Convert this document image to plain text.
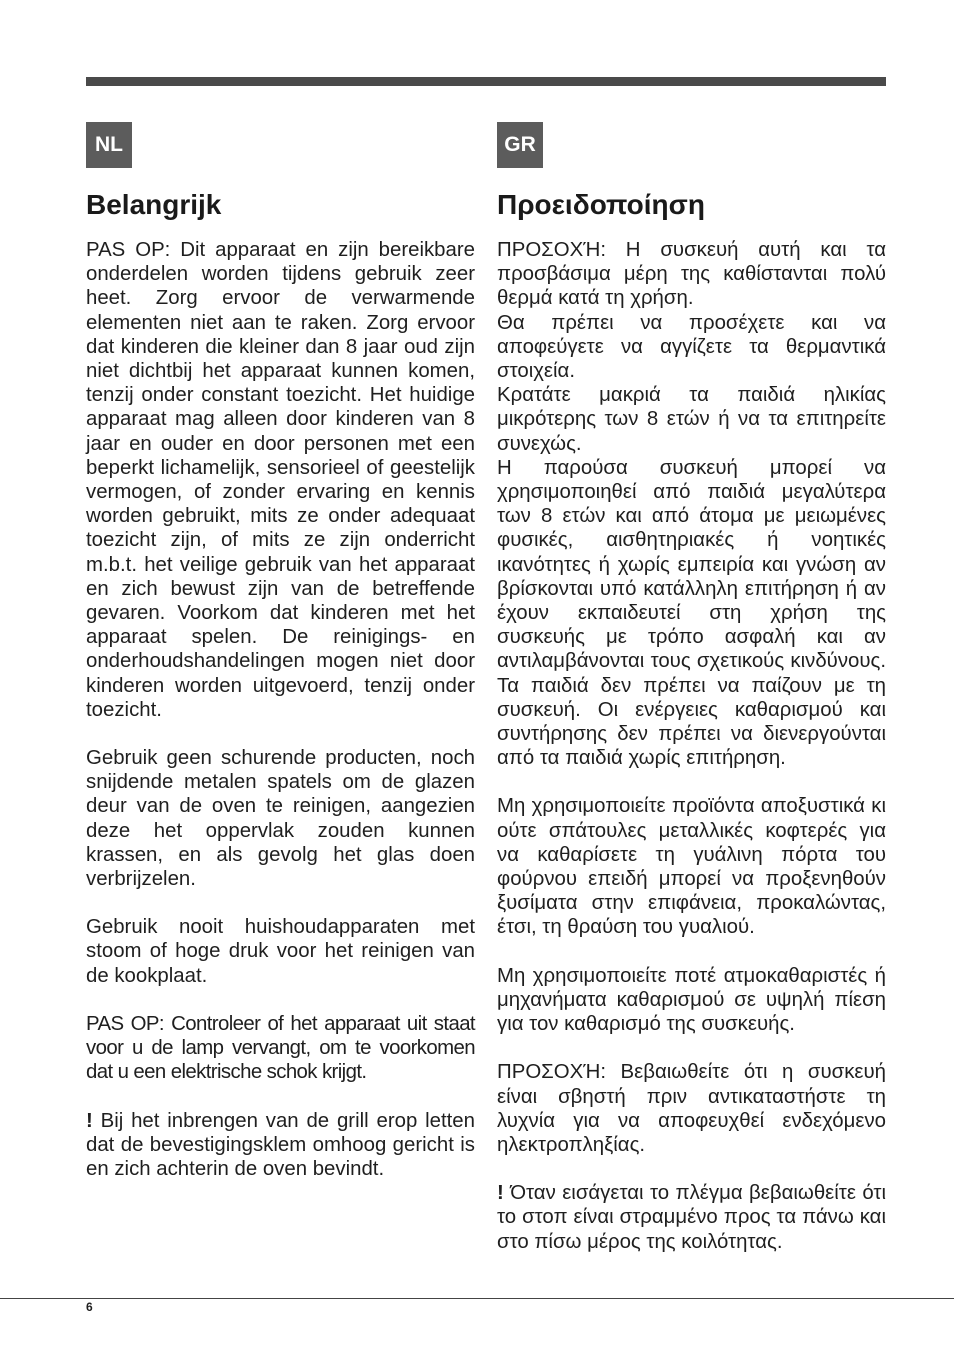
NL
Belangrijk

PAS OP: Dit apparaat en zijn bereikbare onderdelen worden tijdens gebruik zeer heet. Zorg ervoor de verwarmende elementen niet aan te raken. Zorg ervoor dat kinderen die kleiner dan 8 jaar oud zijn niet dichtbij het apparaat kunnen komen, tenzij onder constant toezicht. Het huidige apparaat mag alleen door kinderen van 8 jaar en ouder en door personen met een beperkt lichamelijk, sensorieel of geestelijk vermogen, of zonder ervaring en kennis worden gebruikt, mits ze onder adequaat toezicht zijn, of mits ze zijn onderricht m.b.t. het veilige gebruik van het apparaat en zich bewust zijn van de betreffende gevaren. Voorkom dat kinderen met het apparaat spelen. De reinigings- en onderhoudshandelingen mogen niet door kinderen worden uitgevoerd, tenzij onder toezicht.

Gebruik geen schurende producten, noch snijdende metalen spatels om de glazen deur van de oven te reinigen, aangezien deze het oppervlak zouden kunnen krassen, en als gevolg het glas doen verbrijzelen.

Gebruik nooit huishoudapparaten met stoom of hoge druk voor het reinigen van de kookplaat.

PAS OP: Controleer of het apparaat uit staat voor u de lamp vervangt, om te voorkomen dat u een elektrische schok krijgt.

! Bij het inbrengen van de grill erop letten dat de bevestigingsklem omhoog gericht is en zich achterin de oven bevindt.

GR
Προειδοποίηση

ΠΡΟΣΟΧΉ: Η συσκευή αυτή και τα προσβάσιμα μέρη της καθίστανται πολύ θερμά κατά τη χρήση.

Θα πρέπει να προσέχετε και να αποφεύγετε να αγγίζετε τα θερμαντικά στοιχεία.

Κρατάτε μακριά τα παιδιά ηλικίας μικρότερης των 8 ετών ή να τα επιτηρείτε συνεχώς.

Η παρούσα συσκευή μπορεί να χρησιμοποιηθεί από παιδιά μεγαλύτερα των 8 ετών και από άτομα με μειωμένες φυσικές, αισθητηριακές ή νοητικές ικανότητες ή χωρίς εμπειρία και γνώση αν βρίσκονται υπό κατάλληλη επιτήρηση ή αν έχουν εκπαιδευτεί στη χρήση της συσκευής με τρόπο ασφαλή και αν αντιλαμβάνονται τους σχετικούς κινδύνους. Τα παιδιά δεν πρέπει να παίζουν με τη συσκευή. Οι ενέργειες καθαρισμού και συντήρησης δεν πρέπει να διενεργούνται από τα παιδιά χωρίς επιτήρηση.

Μη χρησιμοποιείτε προϊόντα αποξυστικά κι ούτε σπάτουλες μεταλλικές κοφτερές για να καθαρίσετε τη γυάλινη πόρτα του φούρνου επειδή μπορεί να προξενηθούν ξυσίματα στην επιφάνεια, προκαλώντας, έτσι, τη θραύση του γυαλιού.

Μη χρησιμοποιείτε ποτέ ατμοκαθαριστές ή μηχανήματα καθαρισμού σε υψηλή πίεση για τον καθαρισμό της συσκευής.

ΠΡΟΣΟΧΉ: Βεβαιωθείτε ότι η συσκευή είναι σβηστή πριν αντικαταστήστε τη λυχνία για να αποφευχθεί ενδεχόμενο ηλεκτροπληξίας.

! Όταν εισάγεται το πλέγμα βεβαιωθείτε ότι το στοπ είναι στραμμένο προς τα πάνω και στο πίσω μέρος της κοιλότητας.

6
